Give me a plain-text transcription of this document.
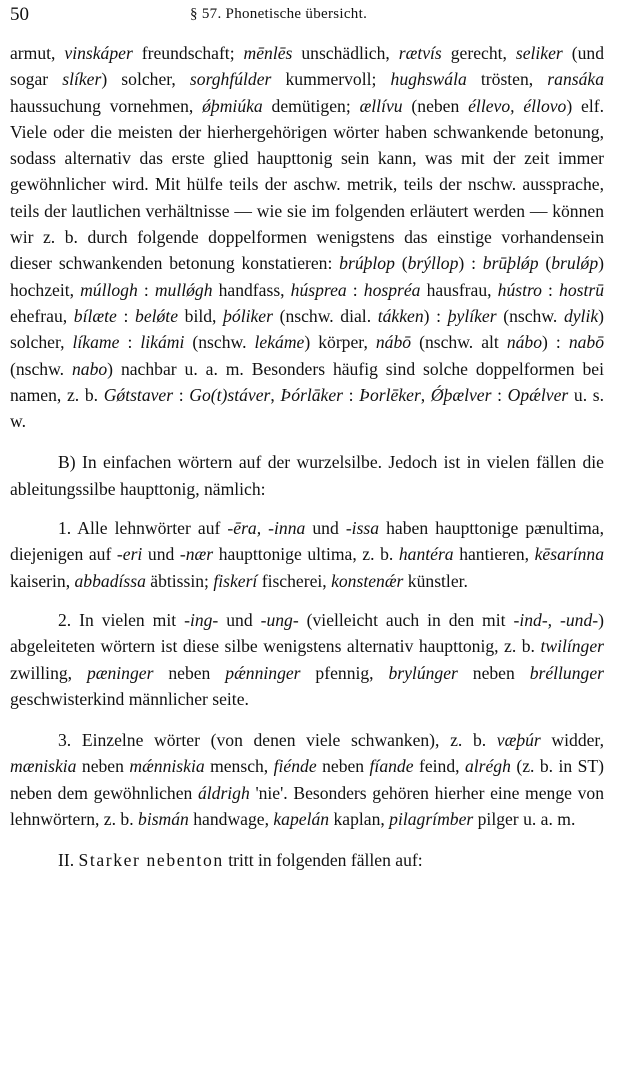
50	§ 57. Phonetische übersicht.

armut, vinskáper freundschaft; mēnlēs unschädlich, rætvís gerecht, seliker (und sogar slíker) solcher, sorghfúlder kummervoll; hughswála trösten, ransáka haussuchung vornehmen, ǿþmiúka demütigen; ællívu (neben éllevo, éllovo) elf. Viele oder die meisten der hierhergehörigen wörter haben schwankende betonung, sodass alternativ das erste glied haupttonig sein kann, was mit der zeit immer gewöhnlicher wird. Mit hülfe teils der aschw. metrik, teils der nschw. aussprache, teils der lautlichen verhältnisse — wie sie im folgenden erläutert werden — können wir z. b. durch folgende doppelformen wenigstens das einstige vorhandensein dieser schwankenden betonung konstatieren: brúþlop (brýllop) : brūþlǿp (brulǿp) hochzeit, múllogh : mullǿgh handfass, húsprea : hospréa hausfrau, hústro : hostrū ehefrau, bílæte : belǿte bild, þóliker (nschw. dial. tákken) : þylíker (nschw. dylik) solcher, líkame : likámi (nschw. lekáme) körper, nábō (nschw. alt nábo) : nabō (nschw. nabo) nachbar u. a. m. Besonders häufig sind solche doppelformen bei namen, z. b. Gǿtstaver : Go(t)stáver, Þórlāker : Þorlēker, Ǿþælver : Opǽlver u. s. w.

B) In einfachen wörtern auf der wurzelsilbe. Jedoch ist in vielen fällen die ableitungssilbe haupttonig, nämlich:

1. Alle lehnwörter auf -ēra, -inna und -issa haben haupttonige pænultima, diejenigen auf -eri und -nær haupttonige ultima, z. b. hantéra hantieren, kēsarínna kaiserin, abbadíssa äbtissin; fiskerí fischerei, konstenǽr künstler.

2. In vielen mit -ing- und -ung- (vielleicht auch in den mit -ind-, -und-) abgeleiteten wörtern ist diese silbe wenigstens alternativ haupttonig, z. b. twilínger zwilling, pæninger neben pǽnninger pfennig, brylúnger neben bréllunger geschwisterkind männlicher seite.

3. Einzelne wörter (von denen viele schwanken), z. b. væþúr widder, mæniskia neben mǽnniskia mensch, fiénde neben fíande feind, alrégh (z. b. in ST) neben dem gewöhnlichen áldrigh 'nie'. Besonders gehören hierher eine menge von lehnwörtern, z. b. bismán handwage, kapelán kaplan, pilagrímber pilger u. a. m.

II. Starker nebenton tritt in folgenden fällen auf:
